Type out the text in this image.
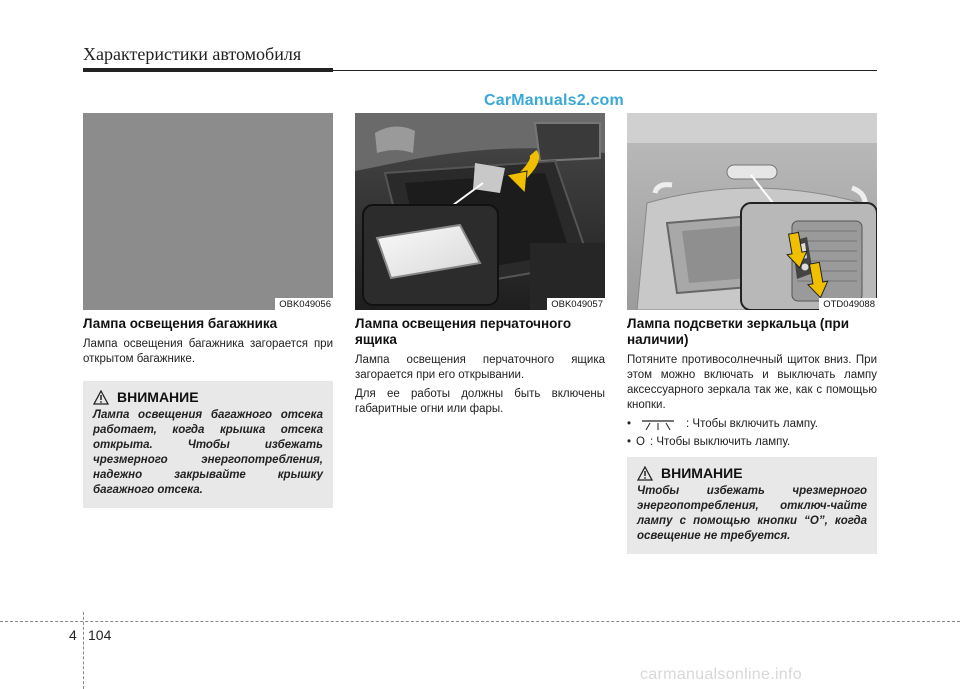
Характеристики автомобиля
CarManuals2.com
OBK049056	OBK049057	OTD049088

Лампа освещения багажника

Лампа освещения багажника загорается при открытом багажнике.

Лампа освещения перчаточного ящика

Лампа освещения перчаточного ящика загорается при его открывании.

Для ее работы должны быть включены габаритные огни или фары.

Лампа подсветки зеркальца (при наличии)

Потяните противосолнечный щиток вниз. При этом можно включать и выключать лампу аксессуарного зеркала так же, как с помощью кнопки.

•	: Чтобы включить лампу.
• O : Чтобы выключить лампу.
ВНИМАНИЕ
Лампа освещения багажного отсека работает, когда крышка отсека открыта. Чтобы избежать чрезмерного энергопотребления, надежно закрывайте крышку багажного отсека.
ВНИМАНИЕ
Чтобы избежать чрезмерного энергопотребления, отключ-чайте лампу с помощью кнопки “O”, когда освещение не требуется.
4 104
carmanualsonline.info
